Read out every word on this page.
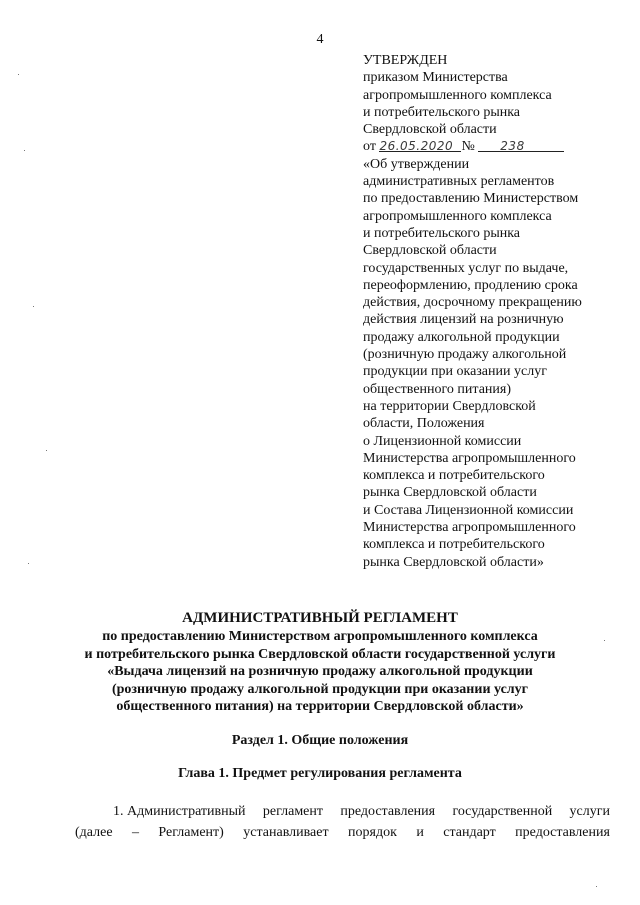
4
УТВЕРЖДЕН
приказом Министерства
агропромышленного комплекса
и потребительского рынка
Свердловской области
от 26.05.2020 № 238
«Об утверждении
административных регламентов
по предоставлению Министерством
агропромышленного комплекса
и потребительского рынка
Свердловской области
государственных услуг по выдаче,
переоформлению, продлению срока
действия, досрочному прекращению
действия лицензий на розничную
продажу алкогольной продукции
(розничную продажу алкогольной
продукции при оказании услуг
общественного питания)
на территории Свердловской
области, Положения
о Лицензионной комиссии
Министерства агропромышленного
комплекса и потребительского
рынка Свердловской области
и Состава Лицензионной комиссии
Министерства агропромышленного
комплекса и потребительского
рынка Свердловской области»
АДМИНИСТРАТИВНЫЙ РЕГЛАМЕНТ
по предоставлению Министерством агропромышленного комплекса
и потребительского рынка Свердловской области государственной услуги
«Выдача лицензий на розничную продажу алкогольной продукции
(розничную продажу алкогольной продукции при оказании услуг
общественного питания) на территории Свердловской области»
Раздел 1. Общие положения
Глава 1. Предмет регулирования регламента
1. Административный регламент предоставления государственной услуги
(далее – Регламент) устанавливает порядок и стандарт предоставления
